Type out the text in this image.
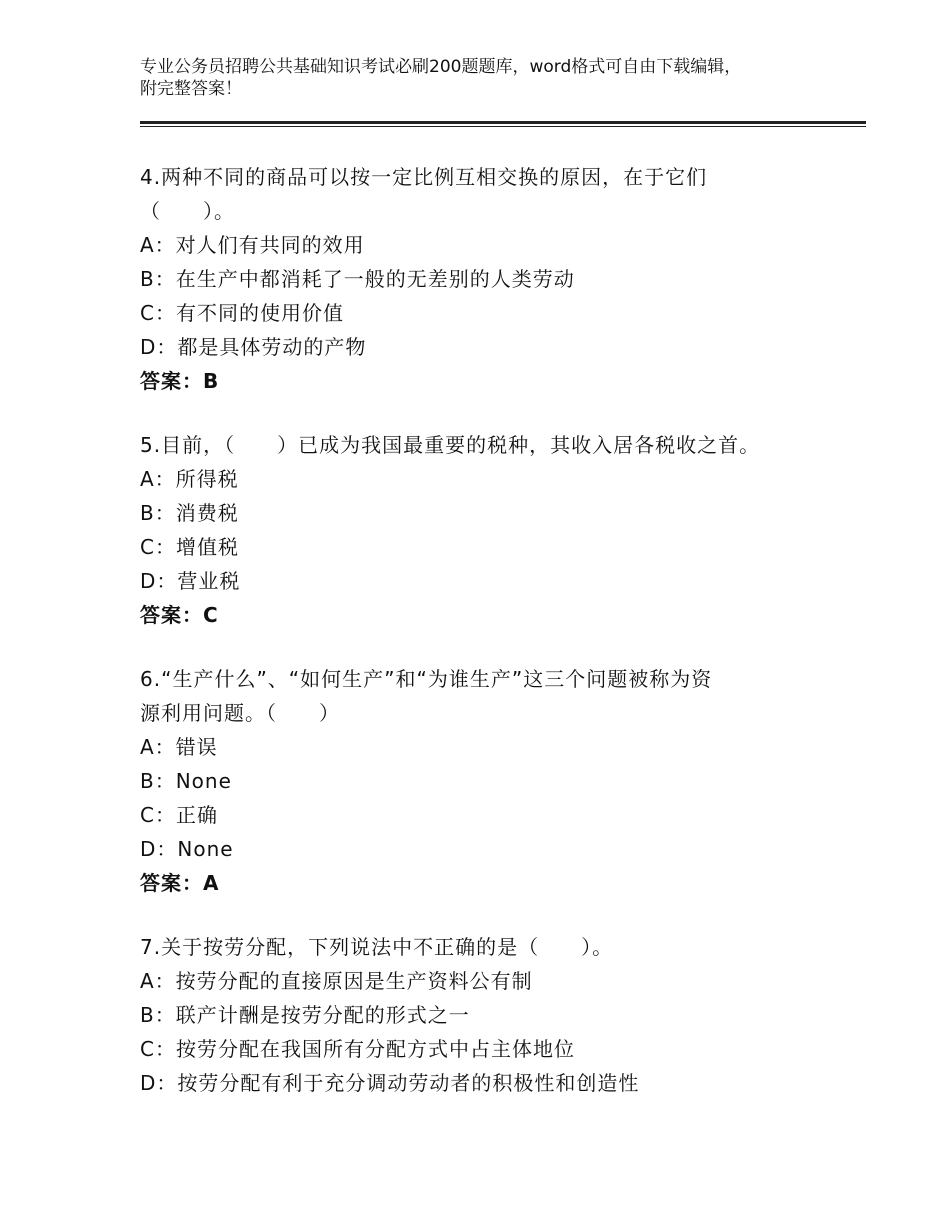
专业公务员招聘公共基础知识考试必刷200题题库，word格式可自由下载编辑，
附完整答案！
4.两种不同的商品可以按一定比例互相交换的原因，在于它们
（　　）。
A：对人们有共同的效用
B：在生产中都消耗了一般的无差别的人类劳动
C：有不同的使用价值
D：都是具体劳动的产物
答案：B
5.目前，（　　）已成为我国最重要的税种，其收入居各税收之首。
A：所得税
B：消费税
C：增值税
D：营业税
答案：C
6.“生产什么”、“如何生产”和“为谁生产”这三个问题被称为资
源利用问题。（　　）
A：错误
B：None
C：正确
D：None
答案：A
7.关于按劳分配，下列说法中不正确的是（　　）。
A：按劳分配的直接原因是生产资料公有制
B：联产计酬是按劳分配的形式之一
C：按劳分配在我国所有分配方式中占主体地位
D：按劳分配有利于充分调动劳动者的积极性和创造性
